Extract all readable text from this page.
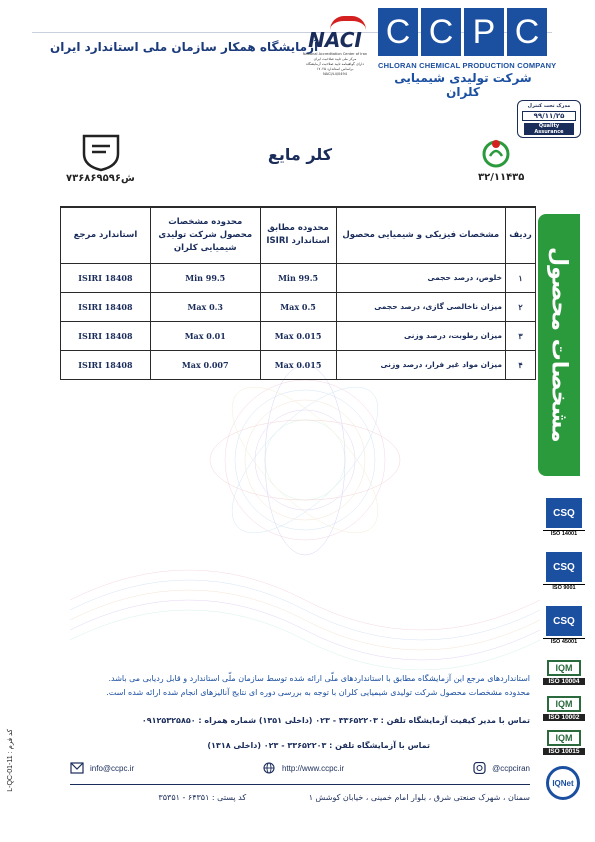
آزمایشگاه همکار سازمان ملی استاندارد ایران
NACI
National Accreditation Center of Iran
مرکز ملی تایید صلاحیت ایران
دارای گواهینامه تایید صلاحیت آزمایشگاه
براساس استاندارد ۱۷۰۲۵
NACI/L4/0494
C C P C
CHLORAN CHEMICAL PRODUCTION COMPANY
شرکت تولیدی شیمیایی کلران
مدرک تحت کنترل
۹۹/۱۱/۲۵
Quality Assurance
ش۷۳۶۸۶۹۵۹۶
کلر مایع
۳۲/۱۱۴۳۵
ردیف	مشخصات فیزیکی و شیمیایی محصول	محدوده مطابق استاندارد ISIRI	محدوده مشخصات محصول شرکت تولیدی شیمیایی کلران	استاندارد مرجع
۱	خلوص، درصد حجمی	Min 99.5	Min 99.5	ISIRI 18408
۲	میزان ناخالصی گازی، درصد حجمی	Max 0.5	Max 0.3	ISIRI 18408
۳	میزان رطوبت، درصد وزنی	Max 0.015	Max 0.01	ISIRI 18408
۴	میزان مواد غیر فرار، درصد وزنی	Max 0.015	Max 0.007	ISIRI 18408	مشخصات محصول
CSQ
ISO 14001
CSQ
ISO 9001
CSQ
ISO 45001
IQM
ISO 10004
IQM
ISO 10002
IQM
ISO 10015
IQNet
استانداردهای مرجع این آزمایشگاه مطابق با استانداردهای ملّی ارائه شده توسط سازمان ملّی استاندارد و قابل ردیابی می باشد.
محدوده مشخصات محصول شرکت تولیدی شیمیایی کلران با توجه به بررسی دوره ای نتایج آنالیزهای انجام شده ارائه شده است.
تماس با مدیر کیفیت آزمایشگاه تلفن : ۳۳۶۵۲۲۰۳ - ۰۲۳ (داخلی ۱۳۵۱) شماره همراه : ۰۹۱۲۵۳۲۵۸۵۰
تماس با آزمایشگاه تلفن : ۳۳۶۵۲۲۰۳ - ۰۲۳ (داخلی ۱۳۱۸)
info@ccpc.ir	http://www.ccpc.ir	@ccpciran
سمنان ، شهرک صنعتی شرق ، بلوار امام خمینی ، خیابان کوشش ۱ کد پستی : ۶۴۳۵۱ - ۳۵۳۵۱
L-QC-01-11 : کد فرم
